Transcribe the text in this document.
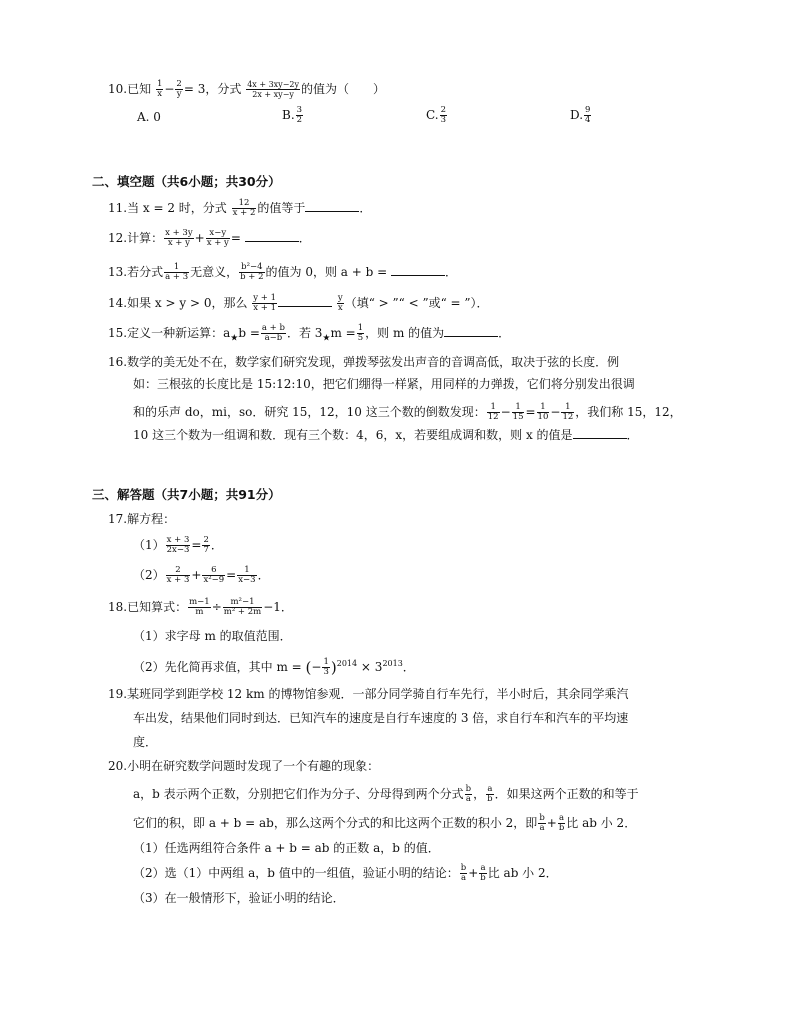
10.已知 $\frac{1}{x} - \frac{2}{y} = 3$，分式 $\frac{4x + 3xy-2y}{2x + xy-y}$ 的值为（　　）
A. 0	B. $\frac{3}{2}$	C. $\frac{2}{3}$	D. $\frac{9}{4}$
二、填空题（共6小题；共30分）
11.当 x = 2 时，分式 $\frac{12}{x + 2}$ 的值等于	．
12.计算： $\frac{x + 3y}{x + y} + \frac{x-y}{x + y}$ =	．
13.若分式 $\frac{1}{a + 3}$ 无意义， $\frac{\text{b²−4}}{b + 2}$ 的值为 0，则 a + b =	．
14.如果 x > y > 0，那么 $\frac{y + 1}{x + 1}$
	$\frac{y}{x}$ （填“ > ”“ < ”或“ = ”）．
15.定义一种新运算：$a_★b = \frac{a + b}{a-b}$ ．若 $3_★m = \frac{1}{5}$ ，则 m 的值为	．
16.数学的美无处不在，数学家们研究发现，弹拨琴弦发出声音的音调高低，取决于弦的长度．例
如：三根弦的长度比是 15:12:10，把它们绷得一样紧，用同样的力弹拨，它们将分别发出很调
和的乐声 do，mi，so．研究 15，12，10 这三个数的倒数发现： $\frac{1}{12} - \frac{1}{15} = \frac{1}{10} - \frac{1}{12}$ ，我们称 15，12，
10 这三个数为一组调和数．现有三个数：4，6，x，若要组成调和数，则 x 的值是	．
三、解答题（共7小题；共91分）
17.解方程：
$(1) \frac{x + 3}{2x-3} = \frac{2}{7}$ ．
$(2) \frac{2}{x + 3} + \frac{6}{\text{x²−9}} = \frac{1}{x-3}$ ．
18.已知算式： $\frac{m-1}{m} \div \frac{\text{m²−1}}{\text{m² + 2m}} -1$．
（1）求字母 m 的取值范围．
（2）先化简再求值，其中 m = (− $\frac{1}{3} )^{2014} \times 3^{2013}$．
19.某班同学到距学校 12 km 的博物馆参观．一部分同学骑自行车先行，半小时后，其余同学乘汽
车出发，结果他们同时到达．已知汽车的速度是自行车速度的 3 倍，求自行车和汽车的平均速
度．
20.小明在研究数学问题时发现了一个有趣的现象：
a，b 表示两个正数，分别把它们作为分子、分母得到两个分式 $\frac{b}{a}$ ， $\frac{a}{b}$ ．如果这两个正数的和等于
它们的积，即 a + b = ab，那么这两个分式的和比这两个正数的积小 2，即 $\frac{b}{a} + \frac{a}{b}$ 比 ab 小 2．
（1）任选两组符合条件 a + b = ab 的正数 a，b 的值．
（2）选（1）中两组 a，b 值中的一组值，验证小明的结论： $\frac{b}{a} + \frac{a}{b}$ 比 ab 小 2．
（3）在一般情形下，验证小明的结论．
